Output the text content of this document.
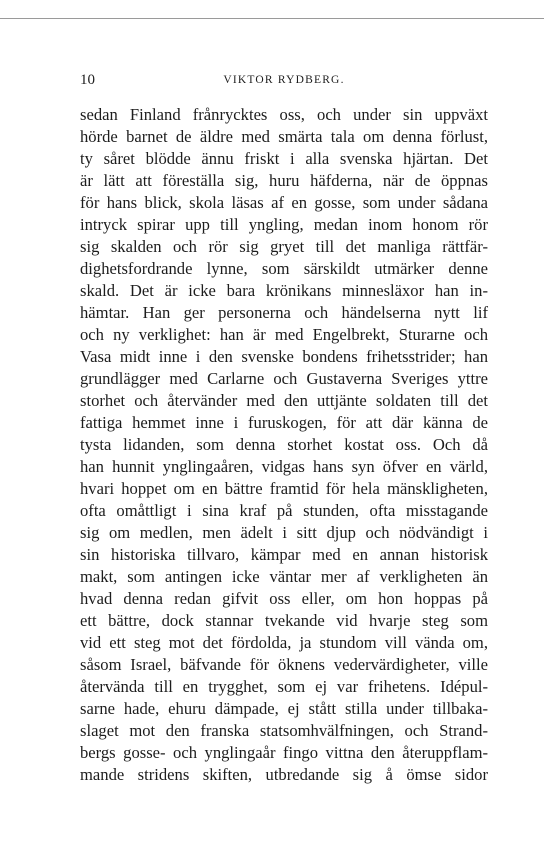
10	VIKTOR RYDBERG.
sedan Finland frånrycktes oss, och under sin uppväxt
hörde barnet de äldre med smärta tala om denna förlust,
ty såret blödde ännu friskt i alla svenska hjärtan. Det
är lätt att föreställa sig, huru häfderna, när de öppnas
för hans blick, skola läsas af en gosse, som under sådana
intryck spirar upp till yngling, medan inom honom rör
sig skalden och rör sig gryet till det manliga rättfär-
dighetsfordrande lynne, som särskildt utmärker denne
skald. Det är icke bara krönikans minnesläxor han in-
hämtar. Han ger personerna och händelserna nytt lif
och ny verklighet: han är med Engelbrekt, Sturarne och
Vasa midt inne i den svenske bondens frihetsstrider; han
grundlägger med Carlarne och Gustaverna Sveriges yttre
storhet och återvänder med den uttjänte soldaten till det
fattiga hemmet inne i furuskogen, för att där känna de
tysta lidanden, som denna storhet kostat oss. Och då
han hunnit ynglingaåren, vidgas hans syn öfver en värld,
hvari hoppet om en bättre framtid för hela mänskligheten,
ofta omåttligt i sina kraf på stunden, ofta misstagande
sig om medlen, men ädelt i sitt djup och nödvändigt i
sin historiska tillvaro, kämpar med en annan historisk
makt, som antingen icke väntar mer af verkligheten än
hvad denna redan gifvit oss eller, om hon hoppas på
ett bättre, dock stannar tvekande vid hvarje steg som
vid ett steg mot det fördolda, ja stundom vill vända om,
såsom Israel, bäfvande för öknens vedervärdigheter, ville
återvända till en trygghet, som ej var frihetens. Idépul-
sarne hade, ehuru dämpade, ej stått stilla under tillbaka-
slaget mot den franska statsomhvälfningen, och Strand-
bergs gosse- och ynglingaår fingo vittna den återuppflam-
mande stridens skiften, utbredande sig å ömse sidor
